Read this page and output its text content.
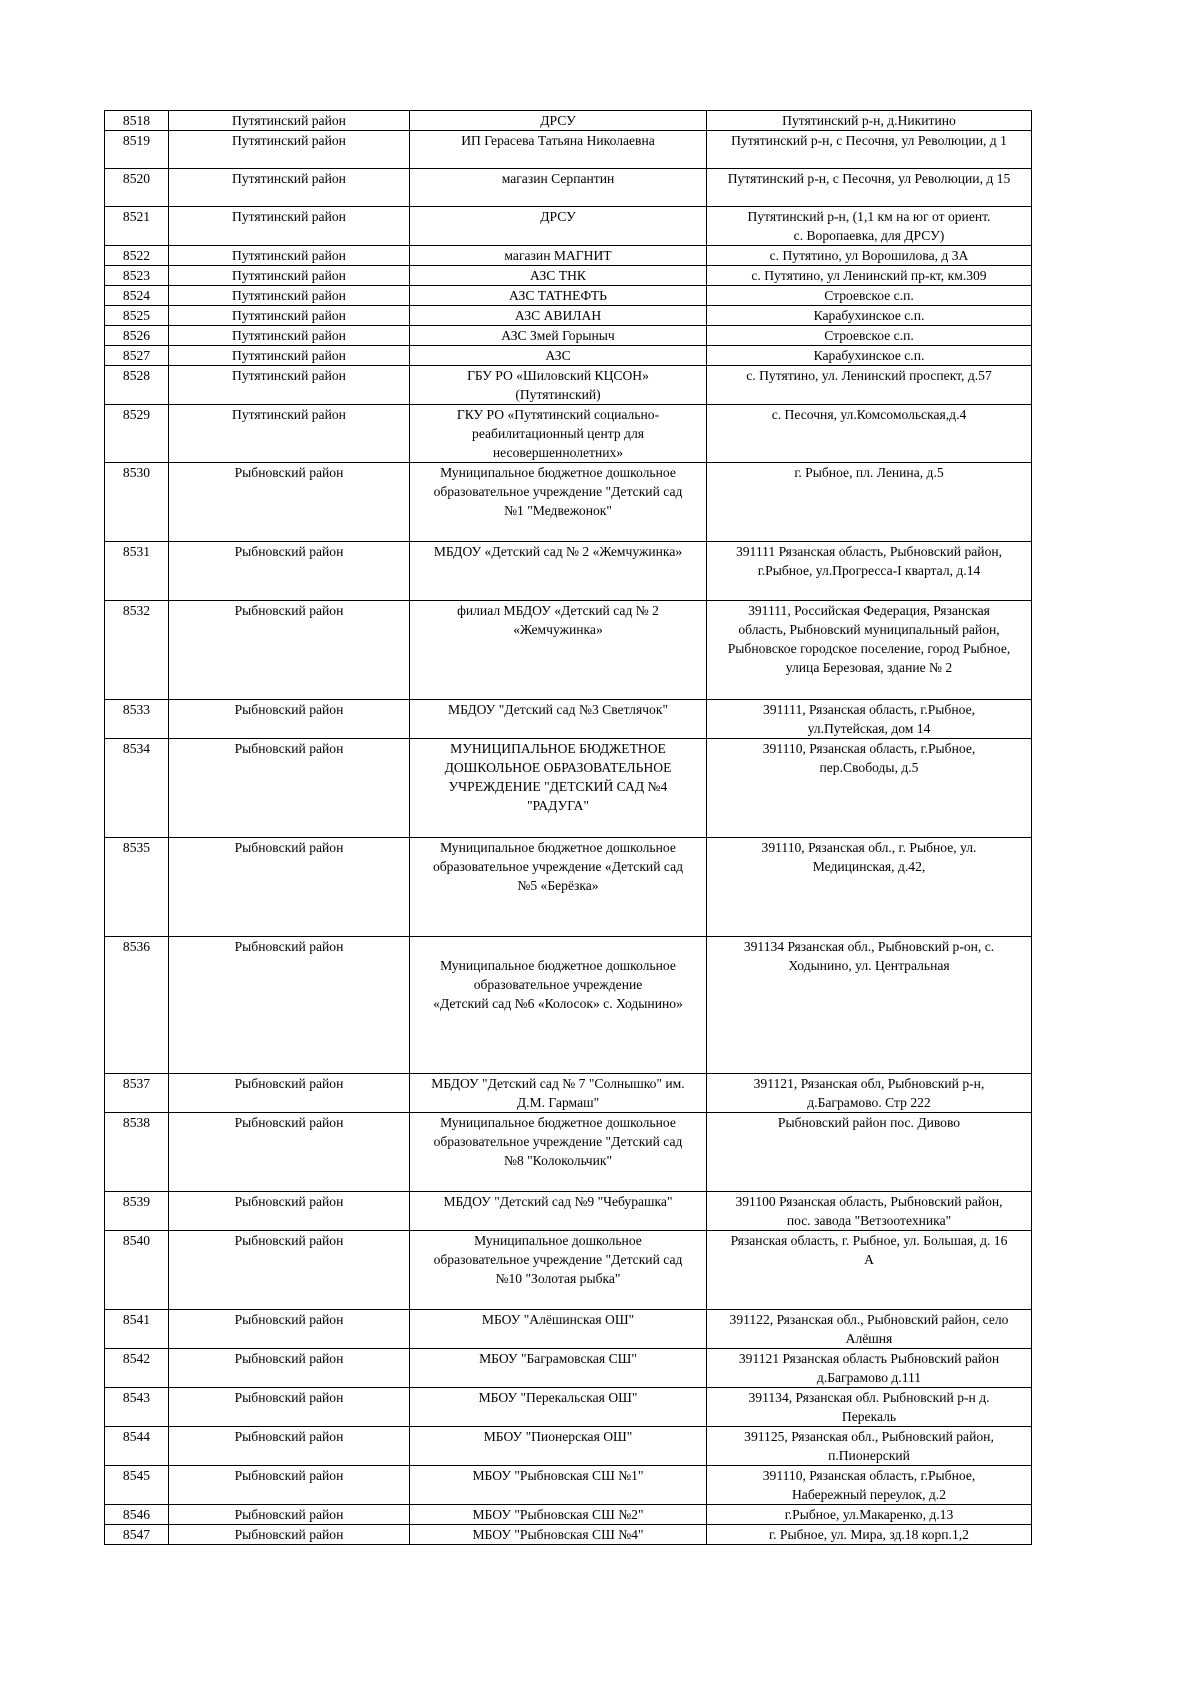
8518	Путятинский район	ДРСУ	Путятинский р-н, д.Никитино
8519	Путятинский район	ИП Герасева Татьяна Николаевна	Путятинский р-н, с Песочня, ул Революции, д 1
8520	Путятинский район	магазин Серпантин	Путятинский р-н, с Песочня, ул Революции, д 15
8521	Путятинский район	ДРСУ	Путятинский р-н, (1,1 км на юг от ориент.
с. Воропаевка, для ДРСУ)
8522	Путятинский район	магазин МАГНИТ	с. Путятино, ул Ворошилова, д 3А
8523	Путятинский район	АЗС ТНК	с. Путятино, ул Ленинский пр-кт, км.309
8524	Путятинский район	АЗС ТАТНЕФТЬ	Строевское с.п.
8525	Путятинский район	АЗС АВИЛАН	Карабухинское с.п.
8526	Путятинский район	АЗС Змей Горыныч	Строевское с.п.
8527	Путятинский район	АЗС	Карабухинское с.п.
8528	Путятинский район	ГБУ РО «Шиловский КЦСОН»
(Путятинский)	с. Путятино, ул. Ленинский проспект, д.57
8529	Путятинский район	ГКУ РО «Путятинский социально-
реабилитационный центр для
несовершеннолетних»	с. Песочня, ул.Комсомольская,д.4
8530	Рыбновский район	Муниципальное бюджетное дошкольное
образовательное учреждение "Детский сад
№1 "Медвежонок"	г. Рыбное, пл. Ленина, д.5
8531	Рыбновский район	МБДОУ «Детский сад № 2 «Жемчужинка»	391111 Рязанская область, Рыбновский район,
г.Рыбное, ул.Прогресса-I квартал, д.14
8532	Рыбновский район	филиал МБДОУ «Детский сад № 2
«Жемчужинка»	391111, Российская Федерация, Рязанская
область, Рыбновский муниципальный район,
Рыбновское городское поселение, город Рыбное,
улица Березовая, здание № 2
8533	Рыбновский район	МБДОУ "Детский сад №3 Светлячок"	391111, Рязанская область, г.Рыбное,
ул.Путейская, дом 14
8534	Рыбновский район	МУНИЦИПАЛЬНОЕ БЮДЖЕТНОЕ
ДОШКОЛЬНОЕ ОБРАЗОВАТЕЛЬНОЕ
УЧРЕЖДЕНИЕ "ДЕТСКИЙ САД №4
"РАДУГА"	391110, Рязанская область, г.Рыбное,
пер.Свободы, д.5
8535	Рыбновский район	Муниципальное бюджетное дошкольное
образовательное учреждение «Детский сад
№5 «Берёзка»	391110, Рязанская обл., г. Рыбное, ул.
Медицинская, д.42,
8536	Рыбновский район	
Муниципальное бюджетное дошкольное
образовательное учреждение
«Детский сад №6 «Колосок» с. Ходынино»	391134 Рязанская обл., Рыбновский р-он, с.
Ходынино, ул. Центральная
8537	Рыбновский район	МБДОУ "Детский сад № 7 "Солнышко" им.
Д.М. Гармаш"	391121, Рязанская обл, Рыбновский р-н,
д.Баграмово. Стр 222
8538	Рыбновский район	Муниципальное бюджетное дошкольное
образовательное учреждение "Детский сад
№8 "Колокольчик"	Рыбновский район пос. Дивово
8539	Рыбновский район	МБДОУ "Детский сад №9 "Чебурашка"	391100 Рязанская область, Рыбновский район,
пос. завода "Ветзоотехника"
8540	Рыбновский район	Муниципальное дошкольное
образовательное учреждение "Детский сад
№10 "Золотая рыбка"	Рязанская область, г. Рыбное, ул. Большая, д. 16
А
8541	Рыбновский район	МБОУ "Алёшинская ОШ"	391122, Рязанская обл., Рыбновский район, село
Алёшня
8542	Рыбновский район	МБОУ "Баграмовская СШ"	391121 Рязанская область Рыбновский район
д.Баграмово д.111
8543	Рыбновский район	МБОУ "Перекальская ОШ"	391134, Рязанская обл. Рыбновский р-н д.
Перекаль
8544	Рыбновский район	МБОУ "Пионерская ОШ"	391125, Рязанская обл., Рыбновский район,
п.Пионерский
8545	Рыбновский район	МБОУ "Рыбновская СШ №1"	391110, Рязанская область, г.Рыбное,
Набережный переулок, д.2
8546	Рыбновский район	МБОУ "Рыбновская СШ №2"	г.Рыбное, ул.Макаренко, д.13
8547	Рыбновский район	МБОУ "Рыбновская СШ №4"	г. Рыбное, ул. Мира, зд.18 корп.1,2
